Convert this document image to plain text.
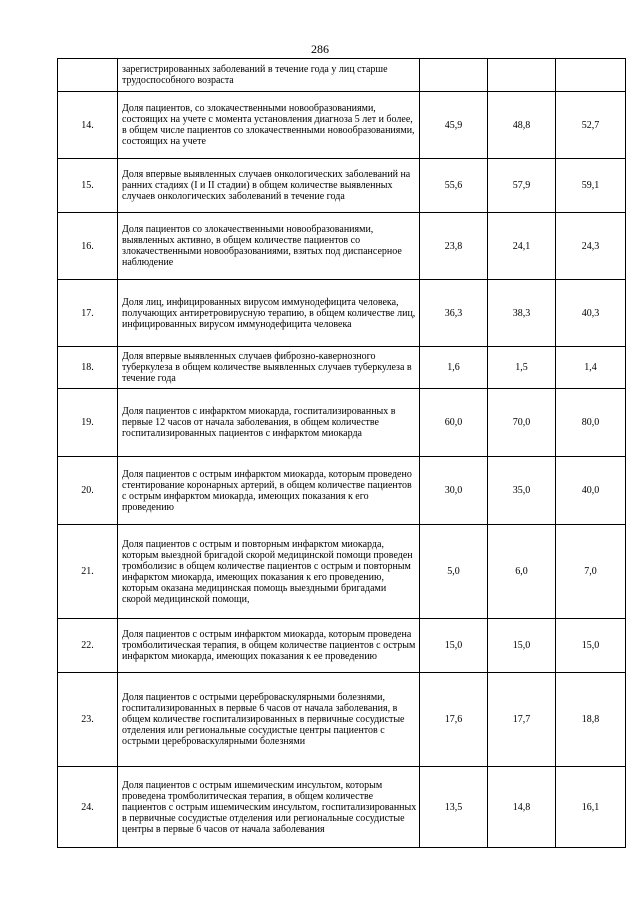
286
	зарегистрированных заболеваний в течение года у лиц старше трудоспособного возраста			
14.	Доля пациентов, со злокачественными новообразованиями, состоящих на учете с момента установления диагноза 5 лет и более, в общем числе пациентов со злокачественными новообразованиями, состоящих на учете	45,9	48,8	52,7
15.	Доля впервые выявленных случаев онкологических заболеваний на ранних стадиях (I и II стадии) в общем количестве выявленных случаев онкологических заболеваний в течение года	55,6	57,9	59,1
16.	Доля пациентов со злокачественными новообразованиями, выявленных активно, в общем количестве пациентов со злокачественными новообразованиями, взятых под диспансерное наблюдение	23,8	24,1	24,3
17.	Доля лиц, инфицированных вирусом иммунодефицита человека, получающих антиретровирусную терапию, в общем количестве лиц, инфицированных вирусом иммунодефицита человека	36,3	38,3	40,3
18.	Доля впервые выявленных случаев фиброзно-кавернозного туберкулеза в общем количестве выявленных случаев туберкулеза в течение года	1,6	1,5	1,4
19.	Доля пациентов с инфарктом миокарда, госпитализированных в первые 12 часов от начала заболевания, в общем количестве госпитализированных пациентов с инфарктом миокарда	60,0	70,0	80,0
20.	Доля пациентов с острым инфарктом миокарда, которым проведено стентирование коронарных артерий, в общем количестве пациентов с острым инфарктом миокарда, имеющих показания к его проведению	30,0	35,0	40,0
21.	Доля пациентов с острым и повторным инфарктом миокарда, которым выездной бригадой скорой медицинской помощи проведен тромболизис в общем количестве пациентов с острым и повторным инфарктом миокарда, имеющих показания к его проведению, которым оказана медицинская помощь выездными бригадами скорой медицинской помощи,	5,0	6,0	7,0
22.	Доля пациентов с острым инфарктом миокарда, которым проведена тромболитическая терапия, в общем количестве пациентов с острым инфарктом миокарда, имеющих показания к ее проведению	15,0	15,0	15,0
23.	Доля пациентов с острыми цереброваскулярными болезнями, госпитализированных в первые 6 часов от начала заболевания, в общем количестве госпитализированных в первичные сосудистые отделения или региональные сосудистые центры пациентов с острыми цереброваскулярными болезнями	17,6	17,7	18,8
24.	Доля пациентов с острым ишемическим инсультом, которым проведена тромболитическая терапия, в общем количестве пациентов с острым ишемическим инсультом, госпитализированных в первичные сосудистые отделения или региональные сосудистые центры в первые 6 часов от начала заболевания	13,5	14,8	16,1
